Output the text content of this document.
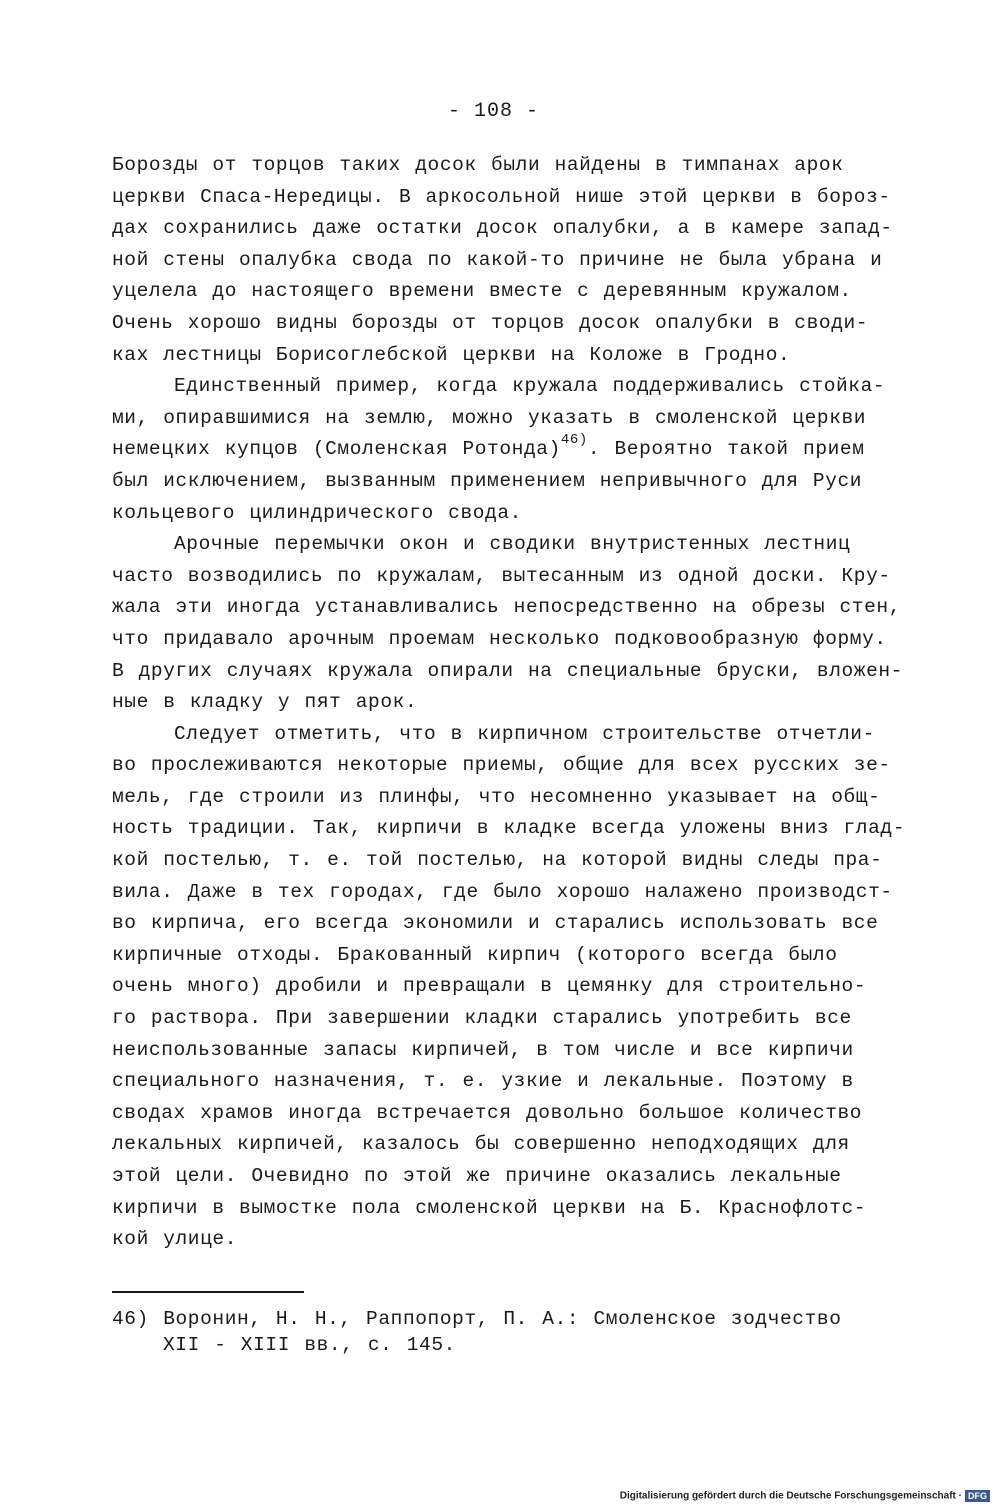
- 108 -
Борозды от торцов таких досок были найдены в тимпанах арок
церкви Спаса-Нередицы. В аркосольной нише этой церкви в бороз-
дах сохранились даже остатки досок опалубки, а в камере запад-
ной стены опалубка свода по какой-то причине не была убрана и
уцелела до настоящего времени вместе с деревянным кружалом.
Очень хорошо видны борозды от торцов досок опалубки в своди-
ках лестницы Борисоглебской церкви на Коложе в Гродно.
Единственный пример, когда кружала поддерживались стойка-
ми, опиравшимися на землю, можно указать в смоленской церкви
немецких купцов (Смоленская Ротонда)$^{46)}$. Вероятно такой прием
был исключением, вызванным применением непривычного для Руси
кольцевого цилиндрического свода.
Арочные перемычки окон и сводики внутристенных лестниц
часто возводились по кружалам, вытесанным из одной доски. Кру-
жала эти иногда устанавливались непосредственно на обрезы стен,
что придавало арочным проемам несколько подковообразную форму.
В других случаях кружала опирали на специальные бруски, вложен-
ные в кладку у пят арок.
Следует отметить, что в кирпичном строительстве отчетли-
во прослеживаются некоторые приемы, общие для всех русских зе-
мель, где строили из плинфы, что несомненно указывает на общ-
ность традиции. Так, кирпичи в кладке всегда уложены вниз глад-
кой постелью, т. е. той постелью, на которой видны следы пра-
вила. Даже в тех городах, где было хорошо налажено производст-
во кирпича, его всегда экономили и старались использовать все
кирпичные отходы. Бракованный кирпич (которого всегда было
очень много) дробили и превращали в цемянку для строительно-
го раствора. При завершении кладки старались употребить все
неиспользованные запасы кирпичей, в том числе и все кирпичи
специального назначения, т. е. узкие и лекальные. Поэтому в
сводах храмов иногда встречается довольно большое количество
лекальных кирпичей, казалось бы совершенно неподходящих для
этой цели. Очевидно по этой же причине оказались лекальные
кирпичи в вымостке пола смоленской церкви на Б. Краснофлотс-
кой улице.
46) Воронин, Н. Н., Раппопорт, П. А.: Смоленское зодчество
XII - XIII вв., с. 145.
Digitalisierung gefördert durch die Deutsche Forschungsgemeinschaft · DFG
